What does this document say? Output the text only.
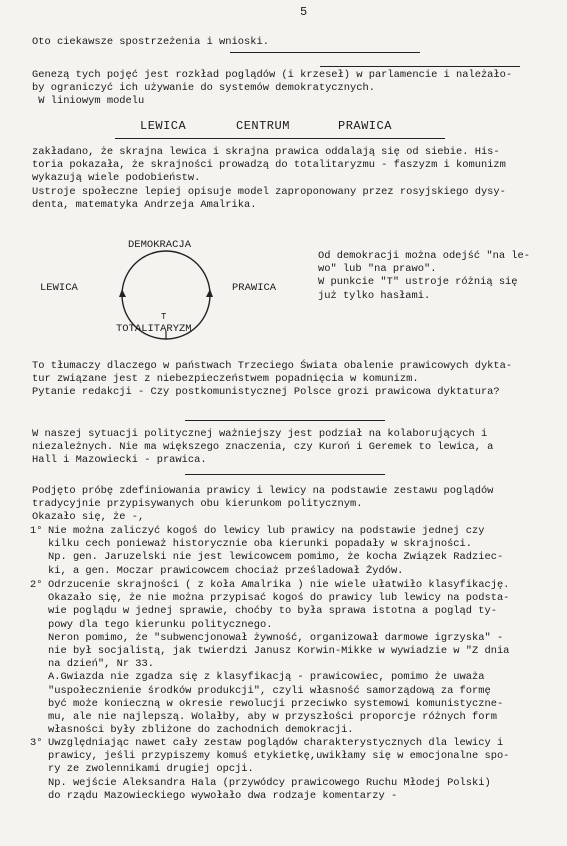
5
Oto ciekawsze spostrzeżenia i wnioski.
Genezą tych pojęć jest rozkład poglądów (i krzeseł) w parlamencie i należało-
by ograniczyć ich używanie do systemów demokratycznych.
W liniowym modelu
LEWICA	CENTRUM	PRAWICA
zakładano, że skrajna lewica i skrajna prawica oddalają się od siebie. His-
toria pokazała, że skrajności prowadzą do totalitaryzmu - faszyzm i komunizm
wykazują wiele podobieństw.
Ustroje społeczne lepiej opisuje model zaproponowany przez rosyjskiego dysy-
denta, matematyka Andrzeja Amalrika.
DEMOKRACJA
LEWICA	PRAWICA
T
TOTALITARYZM
Od demokracji można odejść "na le-
wo" lub "na prawo".
W punkcie "T" ustroje różnią się
już tylko hasłami.
To tłumaczy dlaczego w państwach Trzeciego Świata obalenie prawicowych dykta-
tur związane jest z niebezpieczeństwem popadnięcia w komunizm.
Pytanie redakcji - Czy postkomunistycznej Polsce grozi prawicowa dyktatura?
W naszej sytuacji politycznej ważniejszy jest podział na kolaborujących i
niezależnych. Nie ma większego znaczenia, czy Kuroń i Geremek to lewica, a
Hall i Mazowiecki - prawica.
Podjęto próbę zdefiniowania prawicy i lewicy na podstawie zestawu poglądów
tradycyjnie przypisywanych obu kierunkom politycznym.
Okazało się, że -,
1° Nie można zaliczyć kogoś do lewicy lub prawicy na podstawie jednej czy
kilku cech ponieważ historycznie oba kierunki popadały w skrajności.
Np. gen. Jaruzelski nie jest lewicowcem pomimo, że kocha Związek Radziec-
ki, a gen. Moczar prawicowcem chociaż prześladował Żydów.
2° Odrzucenie skrajności ( z koła Amalrika ) nie wiele ułatwiło klasyfikację.
Okazało się, że nie można przypisać kogoś do prawicy lub lewicy na podsta-
wie poglądu w jednej sprawie, choćby to była sprawa istotna a pogląd ty-
powy dla tego kierunku politycznego.
Neron pomimo, że "subwencjonował żywność, organizował darmowe igrzyska" -
nie był socjalistą, jak twierdzi Janusz Korwin-Mikke w wywiadzie w "Z dnia
na dzień", Nr 33.
A.Gwiazda nie zgadza się z klasyfikacją - prawicowiec, pomimo że uważa
"uspołecznienie środków produkcji", czyli własność samorządową za formę
być może konieczną w okresie rewolucji przeciwko systemowi komunistyczne-
mu, ale nie najlepszą. Wolałby, aby w przyszłości proporcje różnych form
własności były zbliżone do zachodnich demokracji.
3° Uwzględniając nawet cały zestaw poglądów charakterystycznych dla lewicy i
prawicy, jeśli przypiszemy komuś etykietkę,uwikłamy się w emocjonalne spo-
ry ze zwolennikami drugiej opcji.
Np. wejście Aleksandra Hala (przywódcy prawicowego Ruchu Młodej Polski)
do rządu Mazowieckiego wywołało dwa rodzaje komentarzy -
